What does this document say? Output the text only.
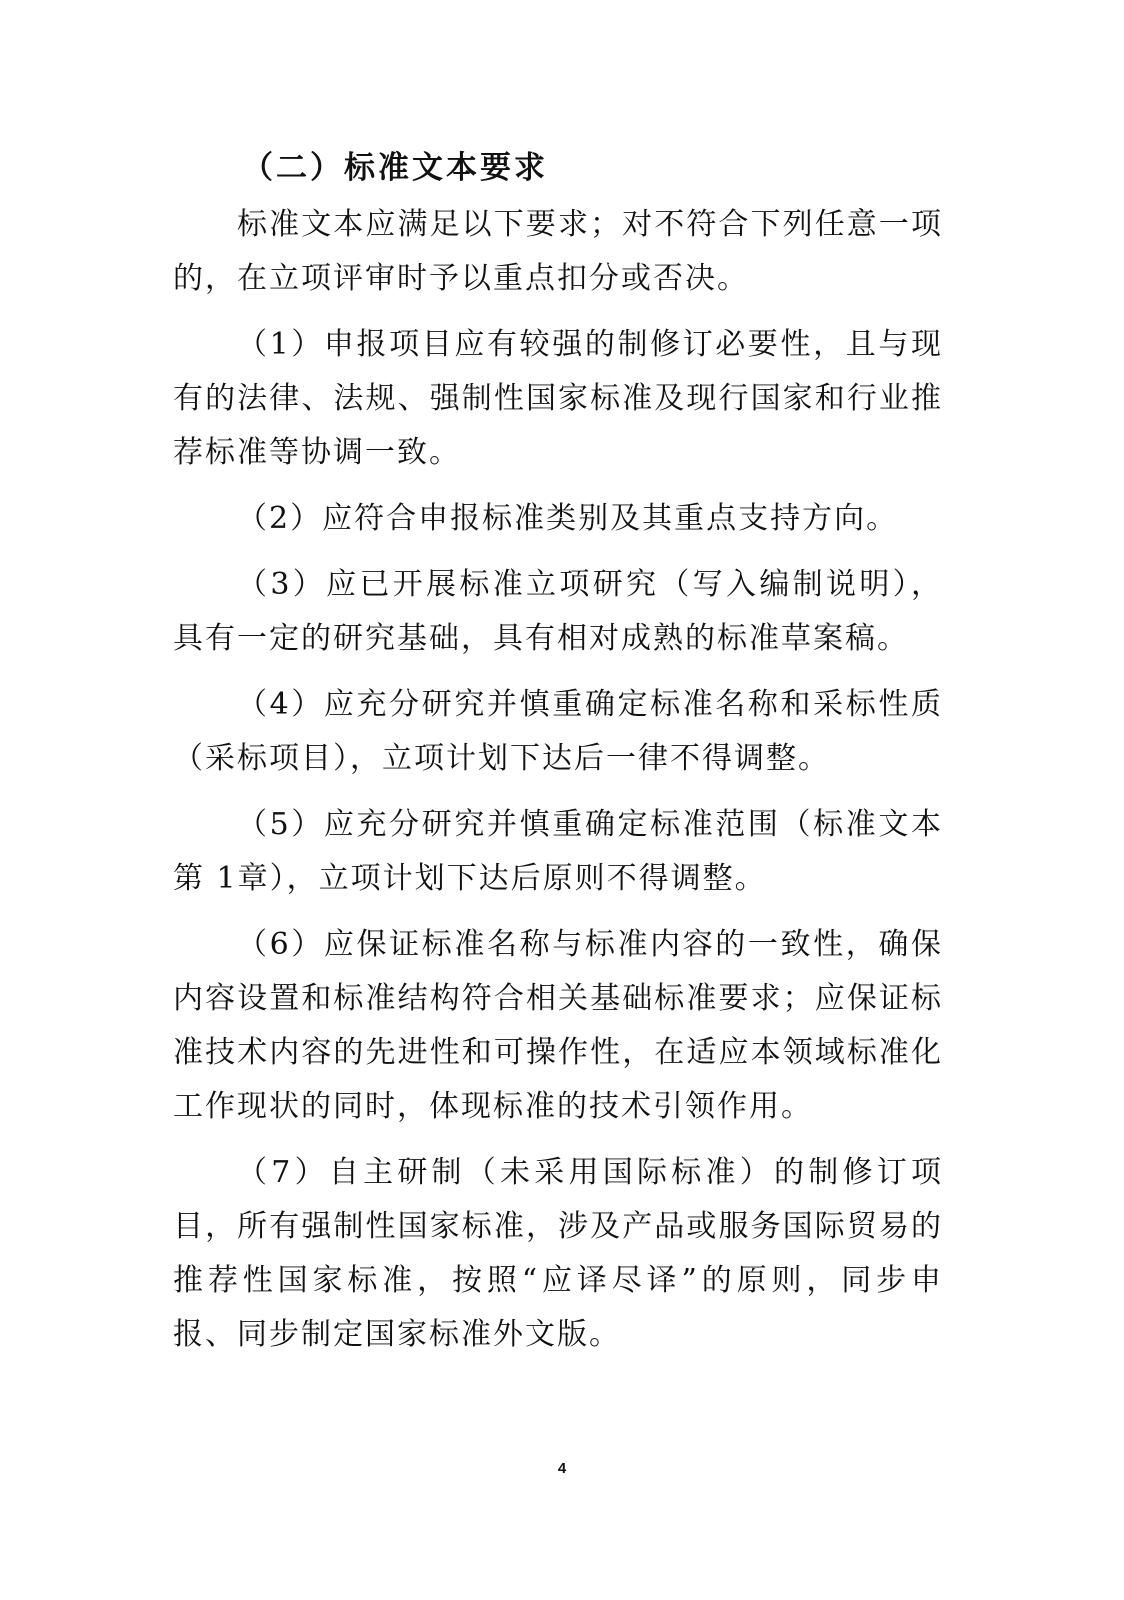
（二）标准文本要求

标准文本应满足以下要求；对不符合下列任意一项的，在立项评审时予以重点扣分或否决。

（1）申报项目应有较强的制修订必要性，且与现有的法律、法规、强制性国家标准及现行国家和行业推荐标准等协调一致。

（2）应符合申报标准类别及其重点支持方向。

（3）应已开展标准立项研究（写入编制说明），具有一定的研究基础，具有相对成熟的标准草案稿。

（4）应充分研究并慎重确定标准名称和采标性质（采标项目），立项计划下达后一律不得调整。

（5）应充分研究并慎重确定标准范围（标准文本第 1章），立项计划下达后原则不得调整。

（6）应保证标准名称与标准内容的一致性，确保内容设置和标准结构符合相关基础标准要求；应保证标准技术内容的先进性和可操作性，在适应本领域标准化工作现状的同时，体现标准的技术引领作用。

（7）自主研制（未采用国际标准）的制修订项目，所有强制性国家标准，涉及产品或服务国际贸易的推荐性国家标准，按照“应译尽译”的原则，同步申报、同步制定国家标准外文版。

4
